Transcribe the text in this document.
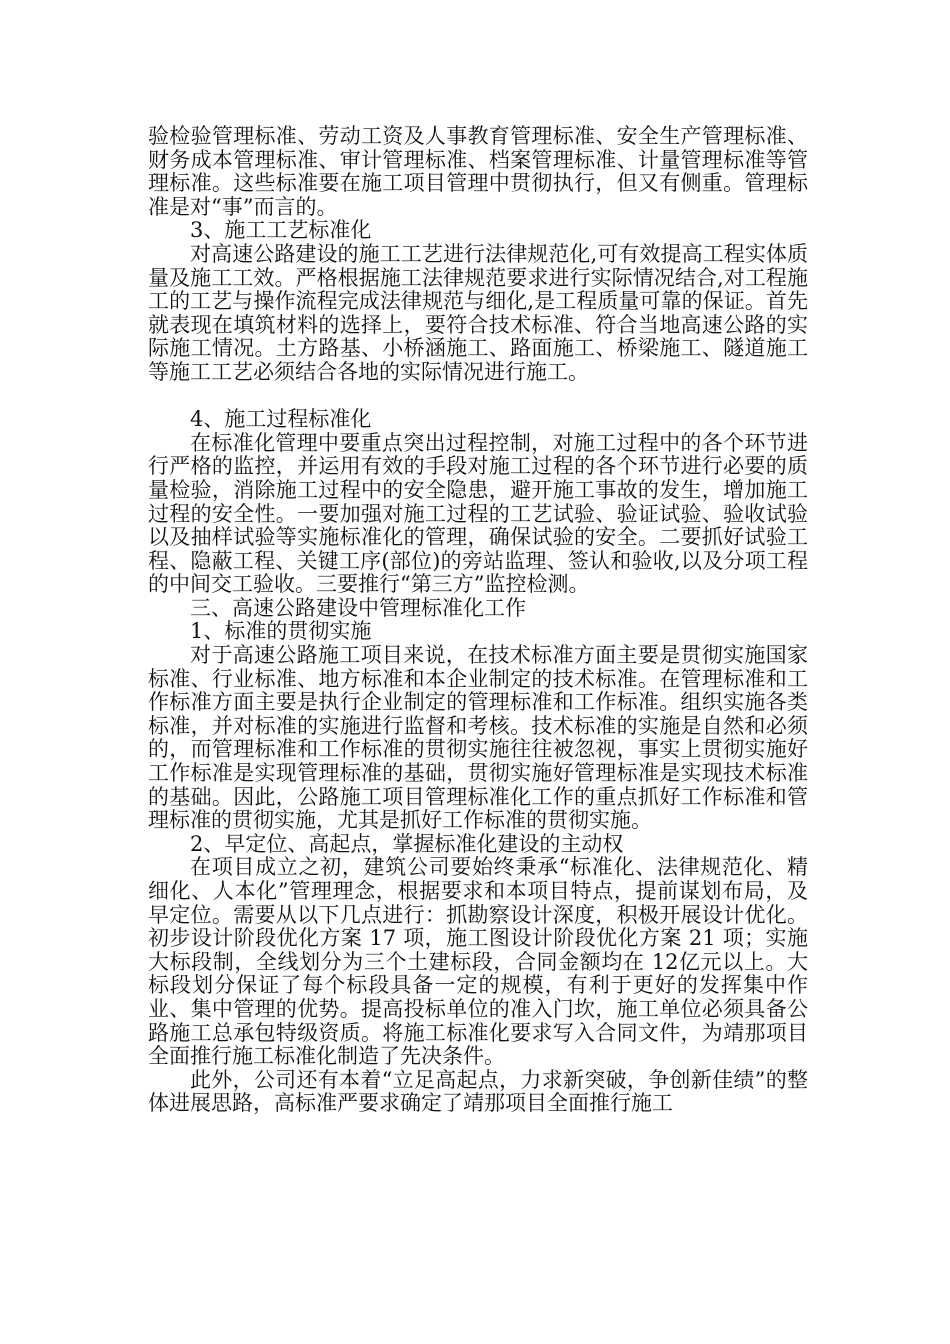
验检验管理标准、劳动工资及人事教育管理标准、安全生产管理标准、财务成本管理标准、审计管理标准、档案管理标准、计量管理标准等管理标准。这些标准要在施工项目管理中贯彻执行，但又有侧重。管理标准是对“事”而言的。

3、施工工艺标准化

对高速公路建设的施工工艺进行法律规范化,可有效提高工程实体质量及施工工效。严格根据施工法律规范要求进行实际情况结合,对工程施工的工艺与操作流程完成法律规范与细化,是工程质量可靠的保证。首先就表现在填筑材料的选择上，要符合技术标准、符合当地高速公路的实际施工情况。土方路基、小桥涵施工、路面施工、桥梁施工、隧道施工等施工工艺必须结合各地的实际情况进行施工。

4、施工过程标准化

在标准化管理中要重点突出过程控制，对施工过程中的各个环节进行严格的监控，并运用有效的手段对施工过程的各个环节进行必要的质量检验，消除施工过程中的安全隐患，避开施工事故的发生，增加施工过程的安全性。一要加强对施工过程的工艺试验、验证试验、验收试验以及抽样试验等实施标准化的管理，确保试验的安全。二要抓好试验工程、隐蔽工程、关键工序(部位)的旁站监理、签认和验收,以及分项工程的中间交工验收。三要推行“第三方”监控检测。

三、高速公路建设中管理标准化工作

1、标准的贯彻实施

对于高速公路施工项目来说，在技术标准方面主要是贯彻实施国家标准、行业标准、地方标准和本企业制定的技术标准。在管理标准和工作标准方面主要是执行企业制定的管理标准和工作标准。组织实施各类标准，并对标准的实施进行监督和考核。技术标准的实施是自然和必须的，而管理标准和工作标准的贯彻实施往往被忽视，事实上贯彻实施好工作标准是实现管理标准的基础，贯彻实施好管理标准是实现技术标准的基础。因此，公路施工项目管理标准化工作的重点抓好工作标准和管理标准的贯彻实施，尤其是抓好工作标准的贯彻实施。

2、早定位、高起点，掌握标准化建设的主动权

在项目成立之初，建筑公司要始终秉承“标准化、法律规范化、精细化、人本化”管理理念，根据要求和本项目特点，提前谋划布局，及早定位。需要从以下几点进行：抓勘察设计深度，积极开展设计优化。初步设计阶段优化方案 17 项，施工图设计阶段优化方案 21 项；实施大标段制，全线划分为三个土建标段，合同金额均在 12亿元以上。大标段划分保证了每个标段具备一定的规模，有利于更好的发挥集中作业、集中管理的优势。提高投标单位的准入门坎，施工单位必须具备公路施工总承包特级资质。将施工标准化要求写入合同文件，为靖那项目全面推行施工标准化制造了先决条件。

此外，公司还有本着“立足高起点，力求新突破，争创新佳绩”的整体进展思路，高标准严要求确定了靖那项目全面推行施工
